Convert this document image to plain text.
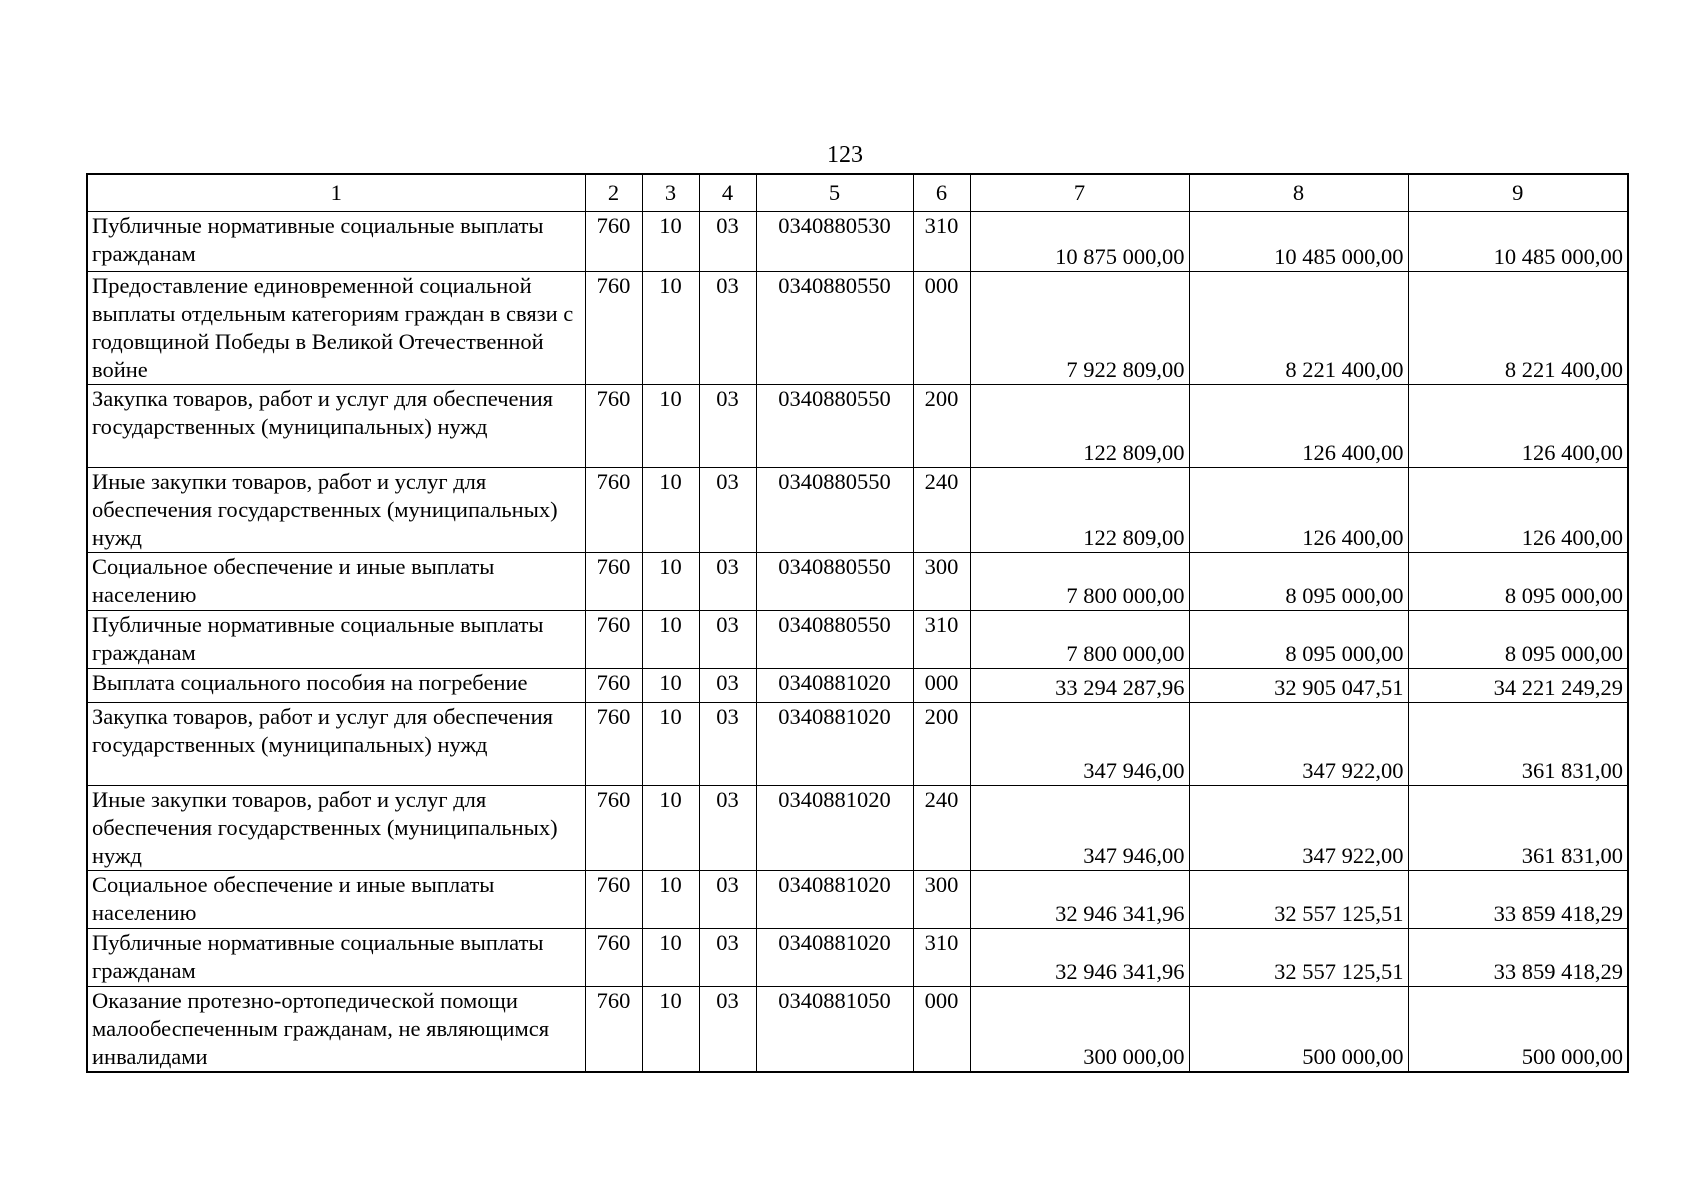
123
1	2	3	4	5	6	7	8	9
Публичные нормативные социальные выплаты гражданам	760	10	03	0340880530	310	10 875 000,00	10 485 000,00	10 485 000,00
Предоставление единовременной социальной выплаты отдельным категориям граждан в связи с годовщиной Победы в Великой Отечественной войне	760	10	03	0340880550	000	7 922 809,00	8 221 400,00	8 221 400,00
Закупка товаров, работ и услуг для обеспечения государственных (муниципальных) нужд	760	10	03	0340880550	200	122 809,00	126 400,00	126 400,00
Иные закупки товаров, работ и услуг для обеспечения государственных (муниципальных) нужд	760	10	03	0340880550	240	122 809,00	126 400,00	126 400,00
Социальное обеспечение и иные выплаты населению	760	10	03	0340880550	300	7 800 000,00	8 095 000,00	8 095 000,00
Публичные нормативные социальные выплаты гражданам	760	10	03	0340880550	310	7 800 000,00	8 095 000,00	8 095 000,00
Выплата социального пособия на погребение	760	10	03	0340881020	000	33 294 287,96	32 905 047,51	34 221 249,29
Закупка товаров, работ и услуг для обеспечения государственных (муниципальных) нужд	760	10	03	0340881020	200	347 946,00	347 922,00	361 831,00
Иные закупки товаров, работ и услуг для обеспечения государственных (муниципальных) нужд	760	10	03	0340881020	240	347 946,00	347 922,00	361 831,00
Социальное обеспечение и иные выплаты населению	760	10	03	0340881020	300	32 946 341,96	32 557 125,51	33 859 418,29
Публичные нормативные социальные выплаты гражданам	760	10	03	0340881020	310	32 946 341,96	32 557 125,51	33 859 418,29
Оказание протезно-ортопедической помощи малообеспеченным гражданам, не являющимся инвалидами	760	10	03	0340881050	000	300 000,00	500 000,00	500 000,00
